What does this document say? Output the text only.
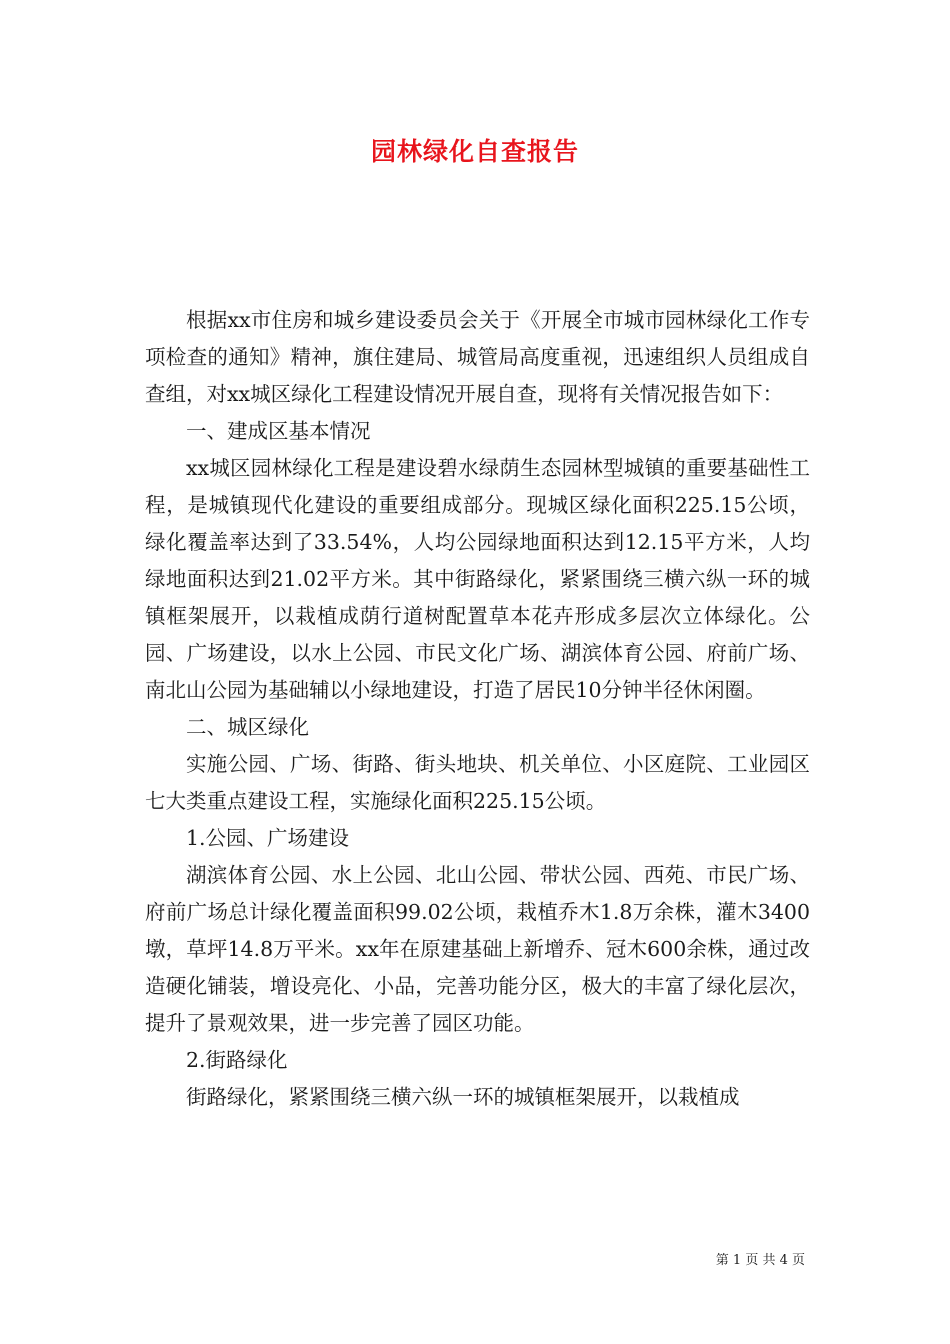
园林绿化自查报告

根据xx市住房和城乡建设委员会关于《开展全市城市园林绿化工作专项检查的通知》精神，旗住建局、城管局高度重视，迅速组织人员组成自查组，对xx城区绿化工程建设情况开展自查，现将有关情况报告如下：

一、建成区基本情况

xx城区园林绿化工程是建设碧水绿荫生态园林型城镇的重要基础性工程，是城镇现代化建设的重要组成部分。现城区绿化面积225.15公顷，绿化覆盖率达到了33.54%，人均公园绿地面积达到12.15平方米，人均绿地面积达到21.02平方米。其中街路绿化，紧紧围绕三横六纵一环的城镇框架展开，以栽植成荫行道树配置草本花卉形成多层次立体绿化。公园、广场建设，以水上公园、市民文化广场、湖滨体育公园、府前广场、南北山公园为基础辅以小绿地建设，打造了居民10分钟半径休闲圈。

二、城区绿化

实施公园、广场、街路、街头地块、机关单位、小区庭院、工业园区七大类重点建设工程，实施绿化面积225.15公顷。

1.公园、广场建设

湖滨体育公园、水上公园、北山公园、带状公园、西苑、市民广场、府前广场总计绿化覆盖面积99.02公顷，栽植乔木1.8万余株，灌木3400墩，草坪14.8万平米。xx年在原建基础上新增乔、冠木600余株，通过改造硬化铺装，增设亮化、小品，完善功能分区，极大的丰富了绿化层次，提升了景观效果，进一步完善了园区功能。

2.街路绿化

街路绿化，紧紧围绕三横六纵一环的城镇框架展开，以栽植成

第 1 页 共 4 页
